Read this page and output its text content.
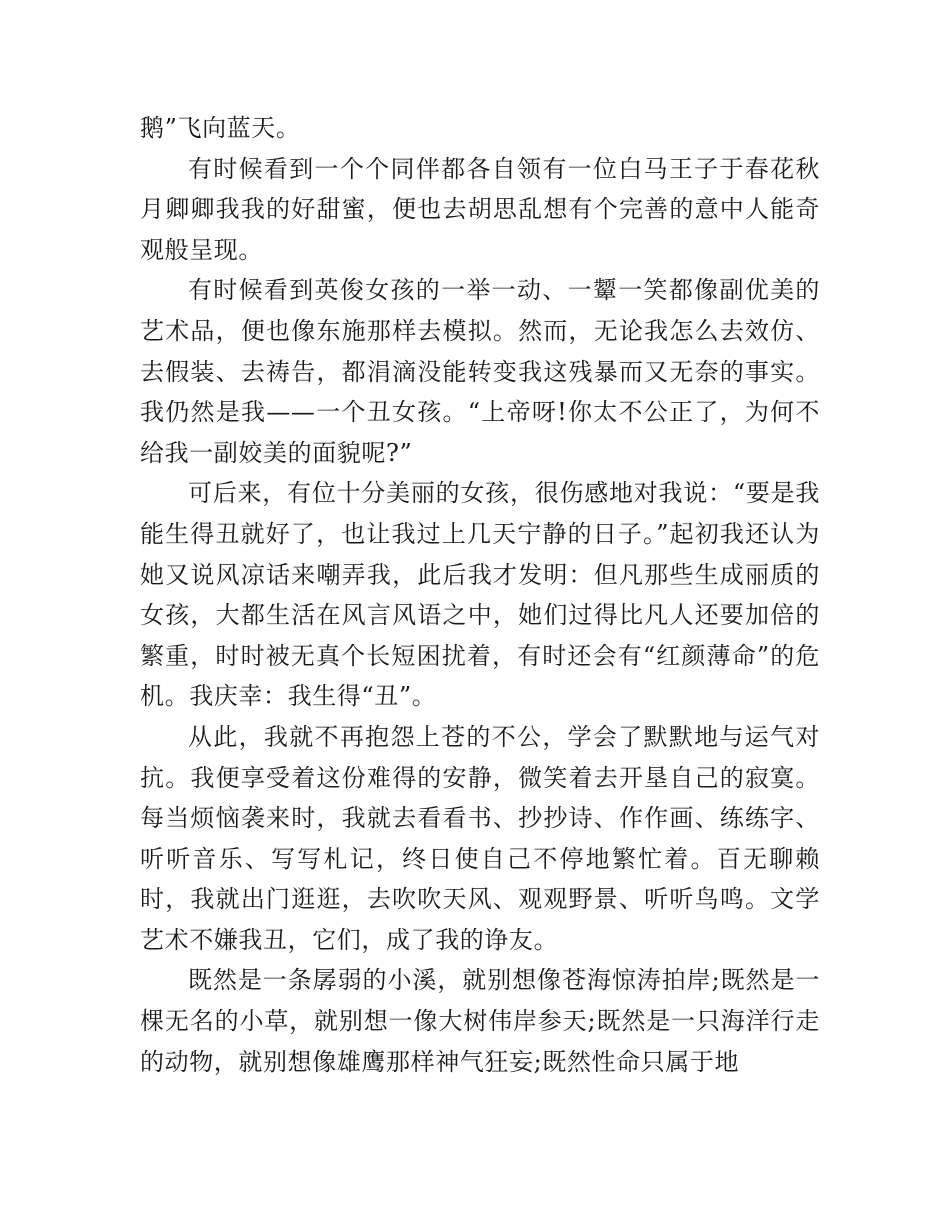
鹅”飞向蓝天。

有时候看到一个个同伴都各自领有一位白马王子于春花秋月卿卿我我的好甜蜜，便也去胡思乱想有个完善的意中人能奇观般呈现。

有时候看到英俊女孩的一举一动、一颦一笑都像副优美的艺术品，便也像东施那样去模拟。然而，无论我怎么去效仿、去假装、去祷告，都涓滴没能转变我这残暴而又无奈的事实。我仍然是我——一个丑女孩。“上帝呀!你太不公正了，为何不给我一副姣美的面貌呢?”

可后来，有位十分美丽的女孩，很伤感地对我说：“要是我能生得丑就好了，也让我过上几天宁静的日子。”起初我还认为她又说风凉话来嘲弄我，此后我才发明：但凡那些生成丽质的女孩，大都生活在风言风语之中，她们过得比凡人还要加倍的繁重，时时被无真个长短困扰着，有时还会有“红颜薄命”的危机。我庆幸：我生得“丑”。

从此，我就不再抱怨上苍的不公，学会了默默地与运气对抗。我便享受着这份难得的安静，微笑着去开垦自己的寂寞。每当烦恼袭来时，我就去看看书、抄抄诗、作作画、练练字、听听音乐、写写札记，终日使自己不停地繁忙着。百无聊赖时，我就出门逛逛，去吹吹天风、观观野景、听听鸟鸣。文学艺术不嫌我丑，它们，成了我的诤友。

既然是一条孱弱的小溪，就别想像苍海惊涛拍岸;既然是一棵无名的小草，就别想一像大树伟岸参天;既然是一只海洋行走的动物，就别想像雄鹰那样神气狂妄;既然性命只属于地
